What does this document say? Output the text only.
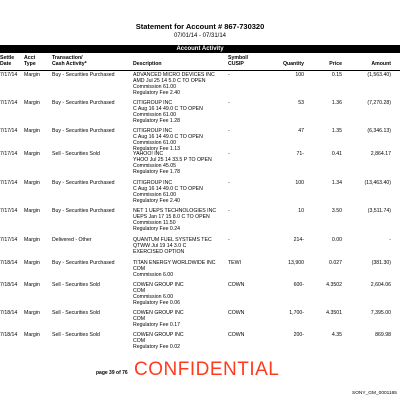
Statement for Account # 867-730320
07/01/14 - 07/31/14
Account Activity
Settle
Date
Acct
Type
Transaction/
Cash Activity*
	Description
Symbol/
CUSIP
	Quantity
	Price
	Amount
7/17/14	Margin	Buy - Securities Purchased	ADVANCED MICRO DEVICES INC
AMD Jul 25 14 5.0 C TO OPEN
Commission 61.00
Regulatory Fee 2.40
-	100	0.15	(1,563.40)
7/17/14	Margin	Buy - Securities Purchased	CITIGROUP INC
C Aug 16 14 49.0 C TO OPEN
Commission 61.00
Regulatory Fee 1.28
-	53	1.36	(7,270.28)
7/17/14	Margin	Buy - Securities Purchased	CITIGROUP INC
C Aug 16 14 49.0 C TO OPEN
Commission 61.00
Regulatory Fee 1.13
-	47	1.35	(6,346.13)
7/17/14	Margin	Sell - Securities Sold	YAHOO! INC
YHOO Jul 25 14 33.5 P TO OPEN
Commission 45.05
Regulatory Fee 1.78
-	71-	0.41	2,864.17
7/17/14	Margin	Buy - Securities Purchased	CITIGROUP INC
C Aug 16 14 49.0 C TO OPEN
Commission 61.00
Regulatory Fee 2.40
-	100	1.34	(13,463.40)
7/17/14	Margin	Buy - Securities Purchased	NET 1 UEPS TECHNOLOGIES INC
UEPS Jan 17 15 8.0 C TO OPEN
Commission 11.50
Regulatory Fee 0.24
-	10	3.50	(3,511.74)
7/17/14	Margin	Delivered - Other	QUANTUM FUEL SYSTEMS TEC
QTWW Jul 19 14 3.0 C
EXERCISED OPTION
-	214-	0.00	-
7/18/14	Margin	Buy - Securities Purchased	TITAN ENERGY WORLDWIDE INC
COM
Commission 6.00
TEWI	13,900	0.027	(381.30)
7/18/14	Margin	Sell - Securities Sold	COWEN GROUP INC
COM
Commission 6.00
Regulatory Fee 0.06
COWN	600-	4.3502	2,604.06
7/18/14	Margin	Sell - Securities Sold	COWEN GROUP INC
COM
Regulatory Fee 0.17
COWN	1,700-	4.3501	7,395.00
7/18/14	Margin	Sell - Securities Sold	COWEN GROUP INC
COM
Regulatory Fee 0.02
COWN	200-	4.35	869.98
page 39 of 76 CONFIDENTIAL
SONY_GM_0001165
